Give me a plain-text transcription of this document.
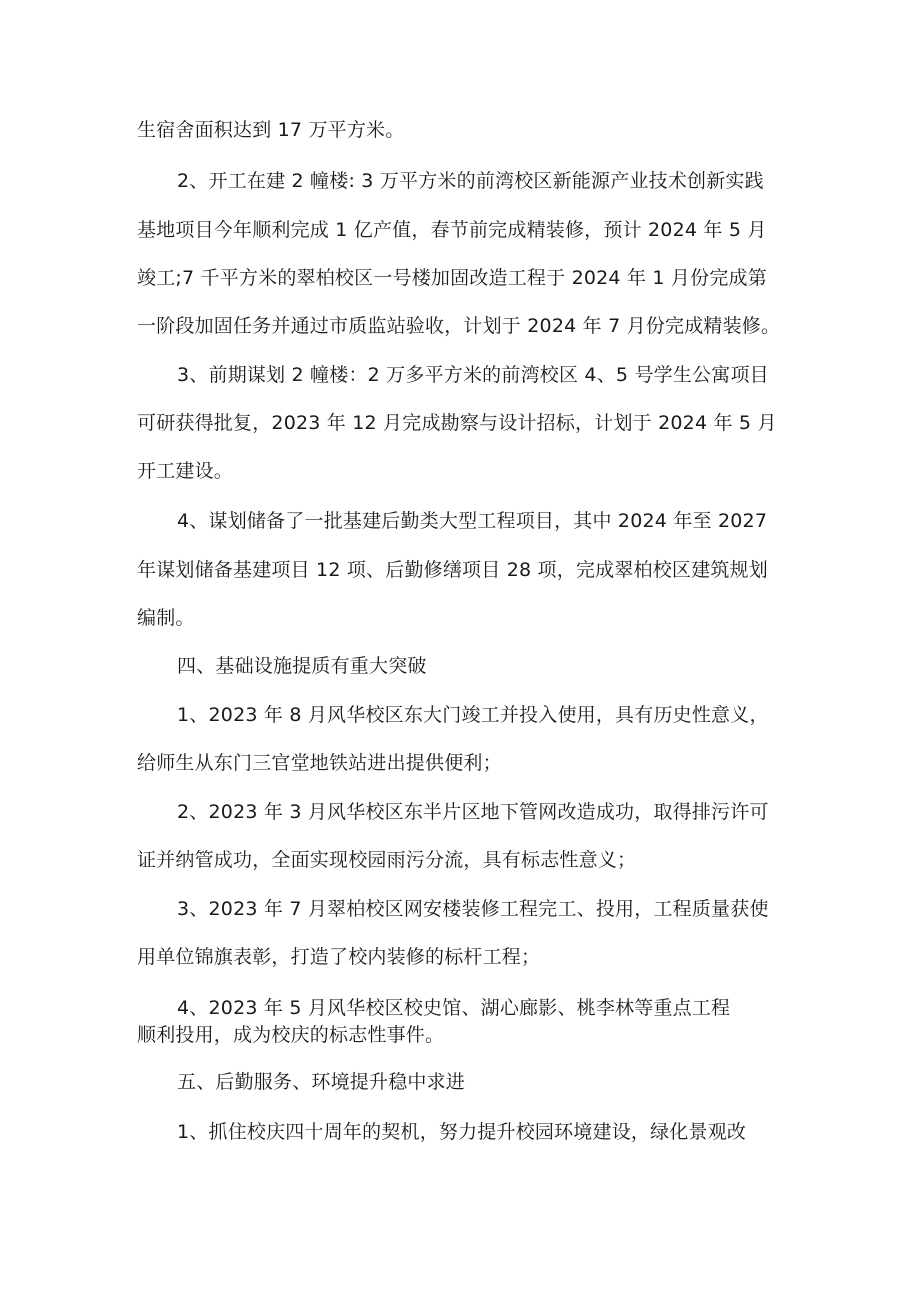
生宿舍面积达到 17 万平方米。
2、开工在建 2 幢楼: 3 万平方米的前湾校区新能源产业技术创新实践
基地项目今年顺利完成 1 亿产值，春节前完成精装修，预计 2024 年 5 月
竣工;7 千平方米的翠柏校区一号楼加固改造工程于 2024 年 1 月份完成第
一阶段加固任务并通过市质监站验收，计划于 2024 年 7 月份完成精装修。
3、前期谋划 2 幢楼：2 万多平方米的前湾校区 4、5 号学生公寓项目
可研获得批复，2023 年 12 月完成勘察与设计招标，计划于 2024 年 5 月
开工建设。
4、谋划储备了一批基建后勤类大型工程项目，其中 2024 年至 2027
年谋划储备基建项目 12 项、后勤修缮项目 28 项，完成翠柏校区建筑规划
编制。
四、基础设施提质有重大突破
1、2023 年 8 月风华校区东大门竣工并投入使用，具有历史性意义，
给师生从东门三官堂地铁站进出提供便利；
2、2023 年 3 月风华校区东半片区地下管网改造成功，取得排污许可
证并纳管成功，全面实现校园雨污分流，具有标志性意义；
3、2023 年 7 月翠柏校区网安楼装修工程完工、投用，工程质量获使
用单位锦旗表彰，打造了校内装修的标杆工程；
4、2023 年 5 月风华校区校史馆、湖心廊影、桃李林等重点工程
顺利投用，成为校庆的标志性事件。
五、后勤服务、环境提升稳中求进
1、抓住校庆四十周年的契机，努力提升校园环境建设，绿化景观改
